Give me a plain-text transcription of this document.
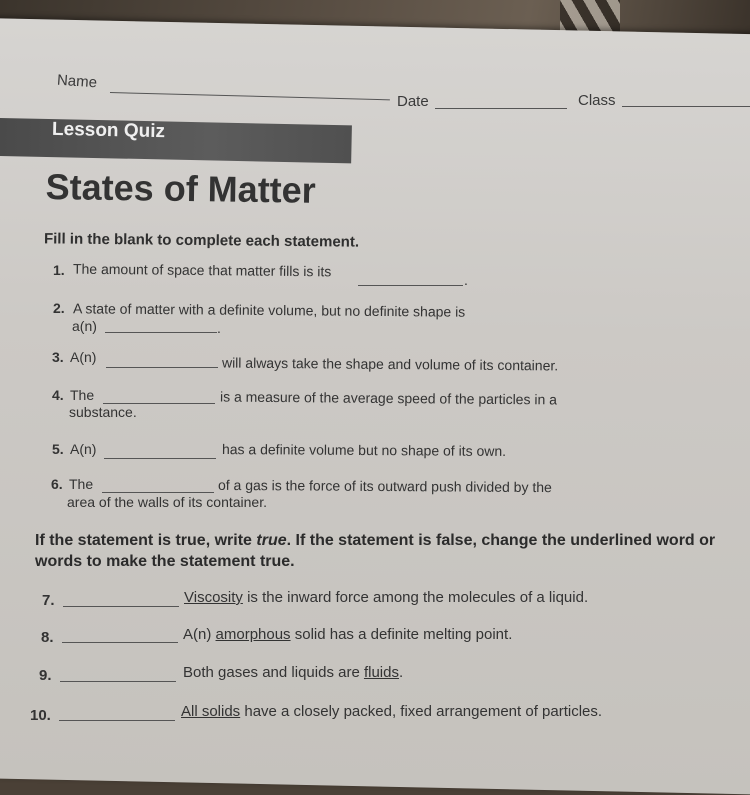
Name
Date	Class
Lesson Quiz
States of Matter
Fill in the blank to complete each statement.
1. The amount of space that matter fills is its
.
2. A state of matter with a definite volume, but no definite shape is
a(n)	.
3. A(n)	will always take the shape and volume of its container.
4. The	is a measure of the average speed of the particles in a
substance.
5. A(n)	has a definite volume but no shape of its own.
6. The	of a gas is the force of its outward push divided by the
area of the walls of its container.
If the statement is true, write true. If the statement is false, change the underlined word or words to make the statement true.
7.	Viscosity is the inward force among the molecules of a liquid.
8.	A(n) amorphous solid has a definite melting point.
9.	Both gases and liquids are fluids.
10.	All solids have a closely packed, fixed arrangement of particles.
